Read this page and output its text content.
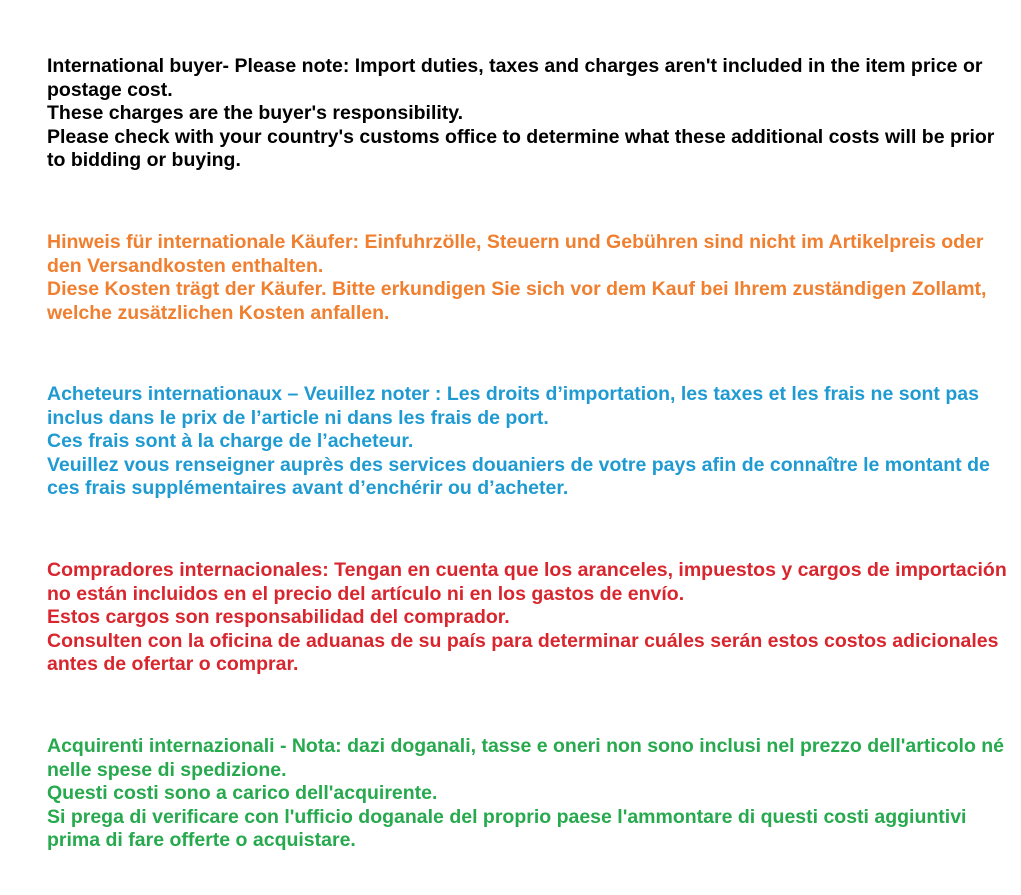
International buyer- Please note: Import duties, taxes and charges aren't included in the item price or postage cost.
These charges are the buyer's responsibility.
Please check with your country's customs office to determine what these additional costs will be prior to bidding or buying.

Hinweis für internationale Käufer: Einfuhrzölle, Steuern und Gebühren sind nicht im Artikelpreis oder den Versandkosten enthalten.
Diese Kosten trägt der Käufer. Bitte erkundigen Sie sich vor dem Kauf bei Ihrem zuständigen Zollamt, welche zusätzlichen Kosten anfallen.

Acheteurs internationaux – Veuillez noter : Les droits d’importation, les taxes et les frais ne sont pas inclus dans le prix de l’article ni dans les frais de port.
Ces frais sont à la charge de l’acheteur.
Veuillez vous renseigner auprès des services douaniers de votre pays afin de connaître le montant de ces frais supplémentaires avant d’enchérir ou d’acheter.

Compradores internacionales: Tengan en cuenta que los aranceles, impuestos y cargos de importación no están incluidos en el precio del artículo ni en los gastos de envío.
Estos cargos son responsabilidad del comprador.
Consulten con la oficina de aduanas de su país para determinar cuáles serán estos costos adicionales antes de ofertar o comprar.

Acquirenti internazionali - Nota: dazi doganali, tasse e oneri non sono inclusi nel prezzo dell'articolo né nelle spese di spedizione.
Questi costi sono a carico dell'acquirente.
Si prega di verificare con l'ufficio doganale del proprio paese l'ammontare di questi costi aggiuntivi prima di fare offerte o acquistare.
